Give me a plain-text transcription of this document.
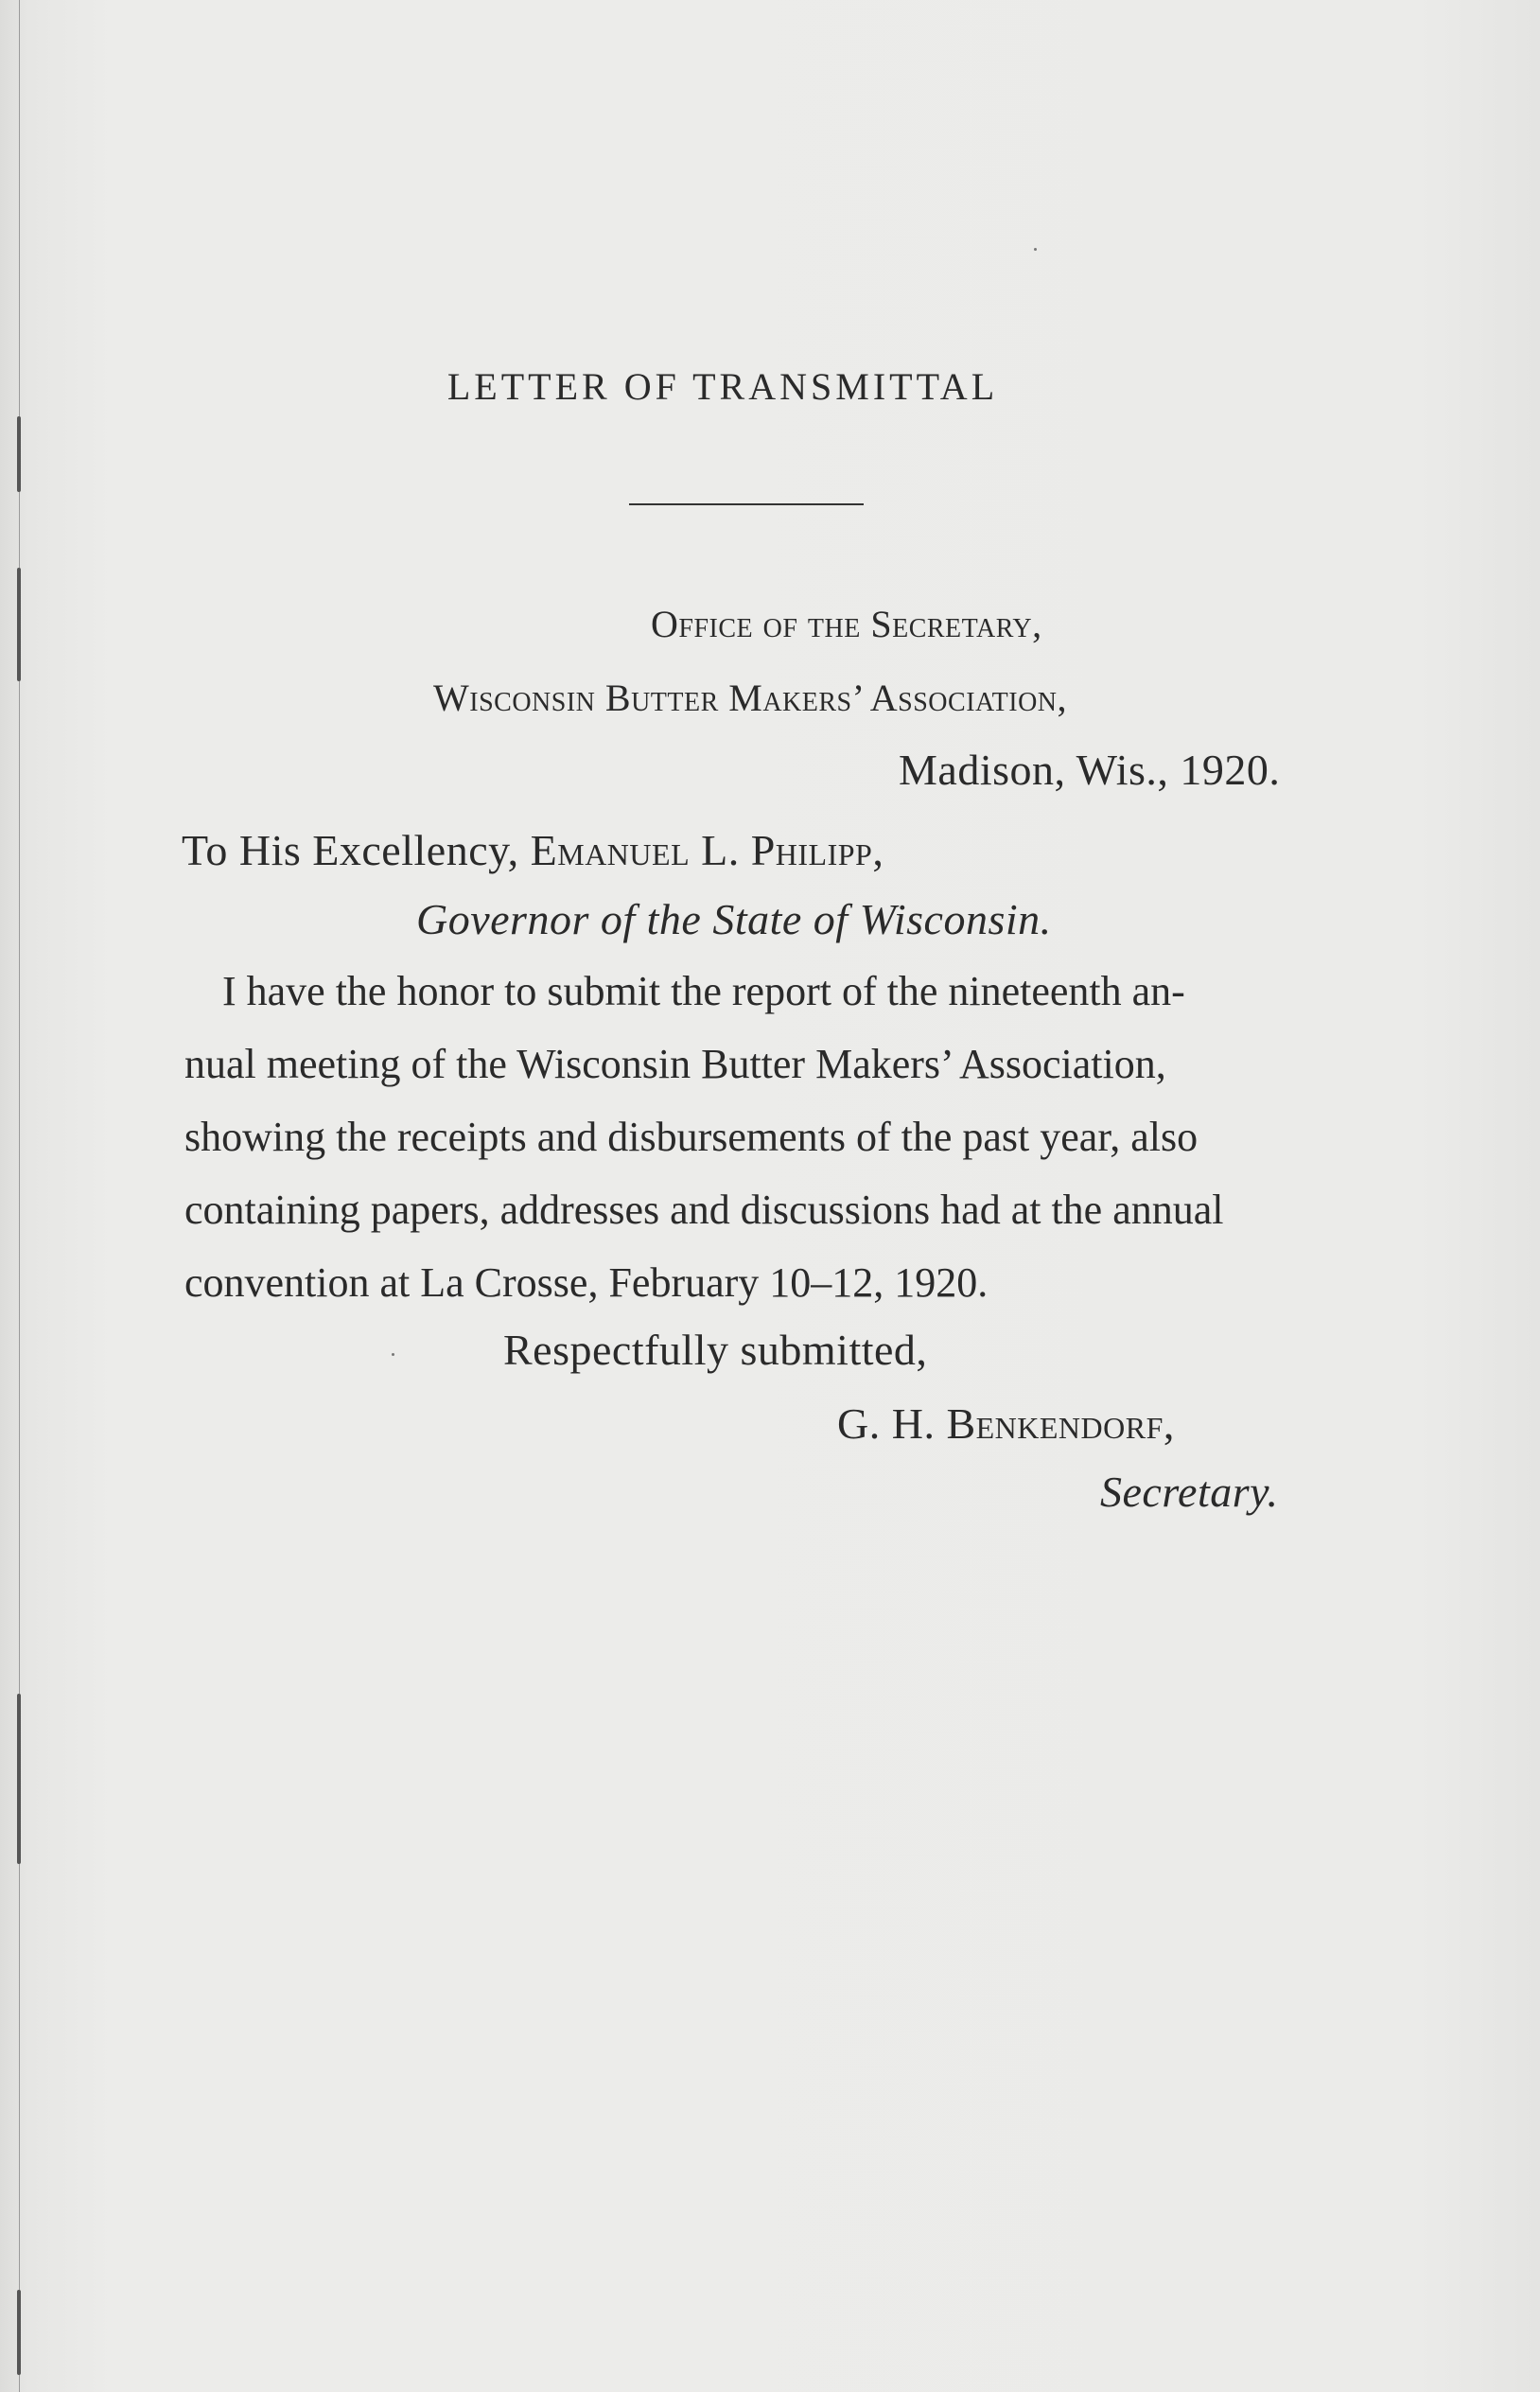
LETTER OF TRANSMITTAL
Office of the Secretary,
Wisconsin Butter Makers’ Association,
Madison, Wis., 1920.
To His Excellency, Emanuel L. Philipp,
Governor of the State of Wisconsin.
I have the honor to submit the report of the nineteenth an-
nual meeting of the Wisconsin Butter Makers’ Association,
showing the receipts and disbursements of the past year, also
containing papers, addresses and discussions had at the annual
convention at La Crosse, February 10–12, 1920.
Respectfully submitted,
G. H. Benkendorf,
Secretary.
